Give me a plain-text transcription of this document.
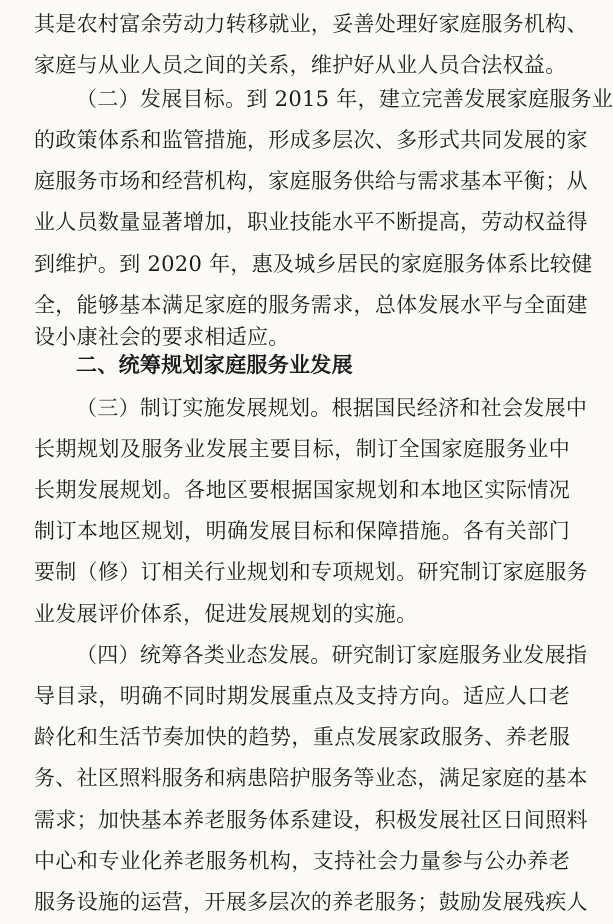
其是农村富余劳动力转移就业，妥善处理好家庭服务机构、
家庭与从业人员之间的关系，维护好从业人员合法权益。
（二）发展目标。到 2015 年，建立完善发展家庭服务业
的政策体系和监管措施，形成多层次、多形式共同发展的家
庭服务市场和经营机构，家庭服务供给与需求基本平衡；从
业人员数量显著增加，职业技能水平不断提高，劳动权益得
到维护。到 2020 年，惠及城乡居民的家庭服务体系比较健
全，能够基本满足家庭的服务需求，总体发展水平与全面建
设小康社会的要求相适应。
二、统筹规划家庭服务业发展
（三）制订实施发展规划。根据国民经济和社会发展中
长期规划及服务业发展主要目标，制订全国家庭服务业中
长期发展规划。各地区要根据国家规划和本地区实际情况
制订本地区规划，明确发展目标和保障措施。各有关部门
要制（修）订相关行业规划和专项规划。研究制订家庭服务
业发展评价体系，促进发展规划的实施。
（四）统筹各类业态发展。研究制订家庭服务业发展指
导目录，明确不同时期发展重点及支持方向。适应人口老
龄化和生活节奏加快的趋势，重点发展家政服务、养老服
务、社区照料服务和病患陪护服务等业态，满足家庭的基本
需求；加快基本养老服务体系建设，积极发展社区日间照料
中心和专业化养老服务机构，支持社会力量参与公办养老
服务设施的运营，开展多层次的养老服务；鼓励发展残疾人
